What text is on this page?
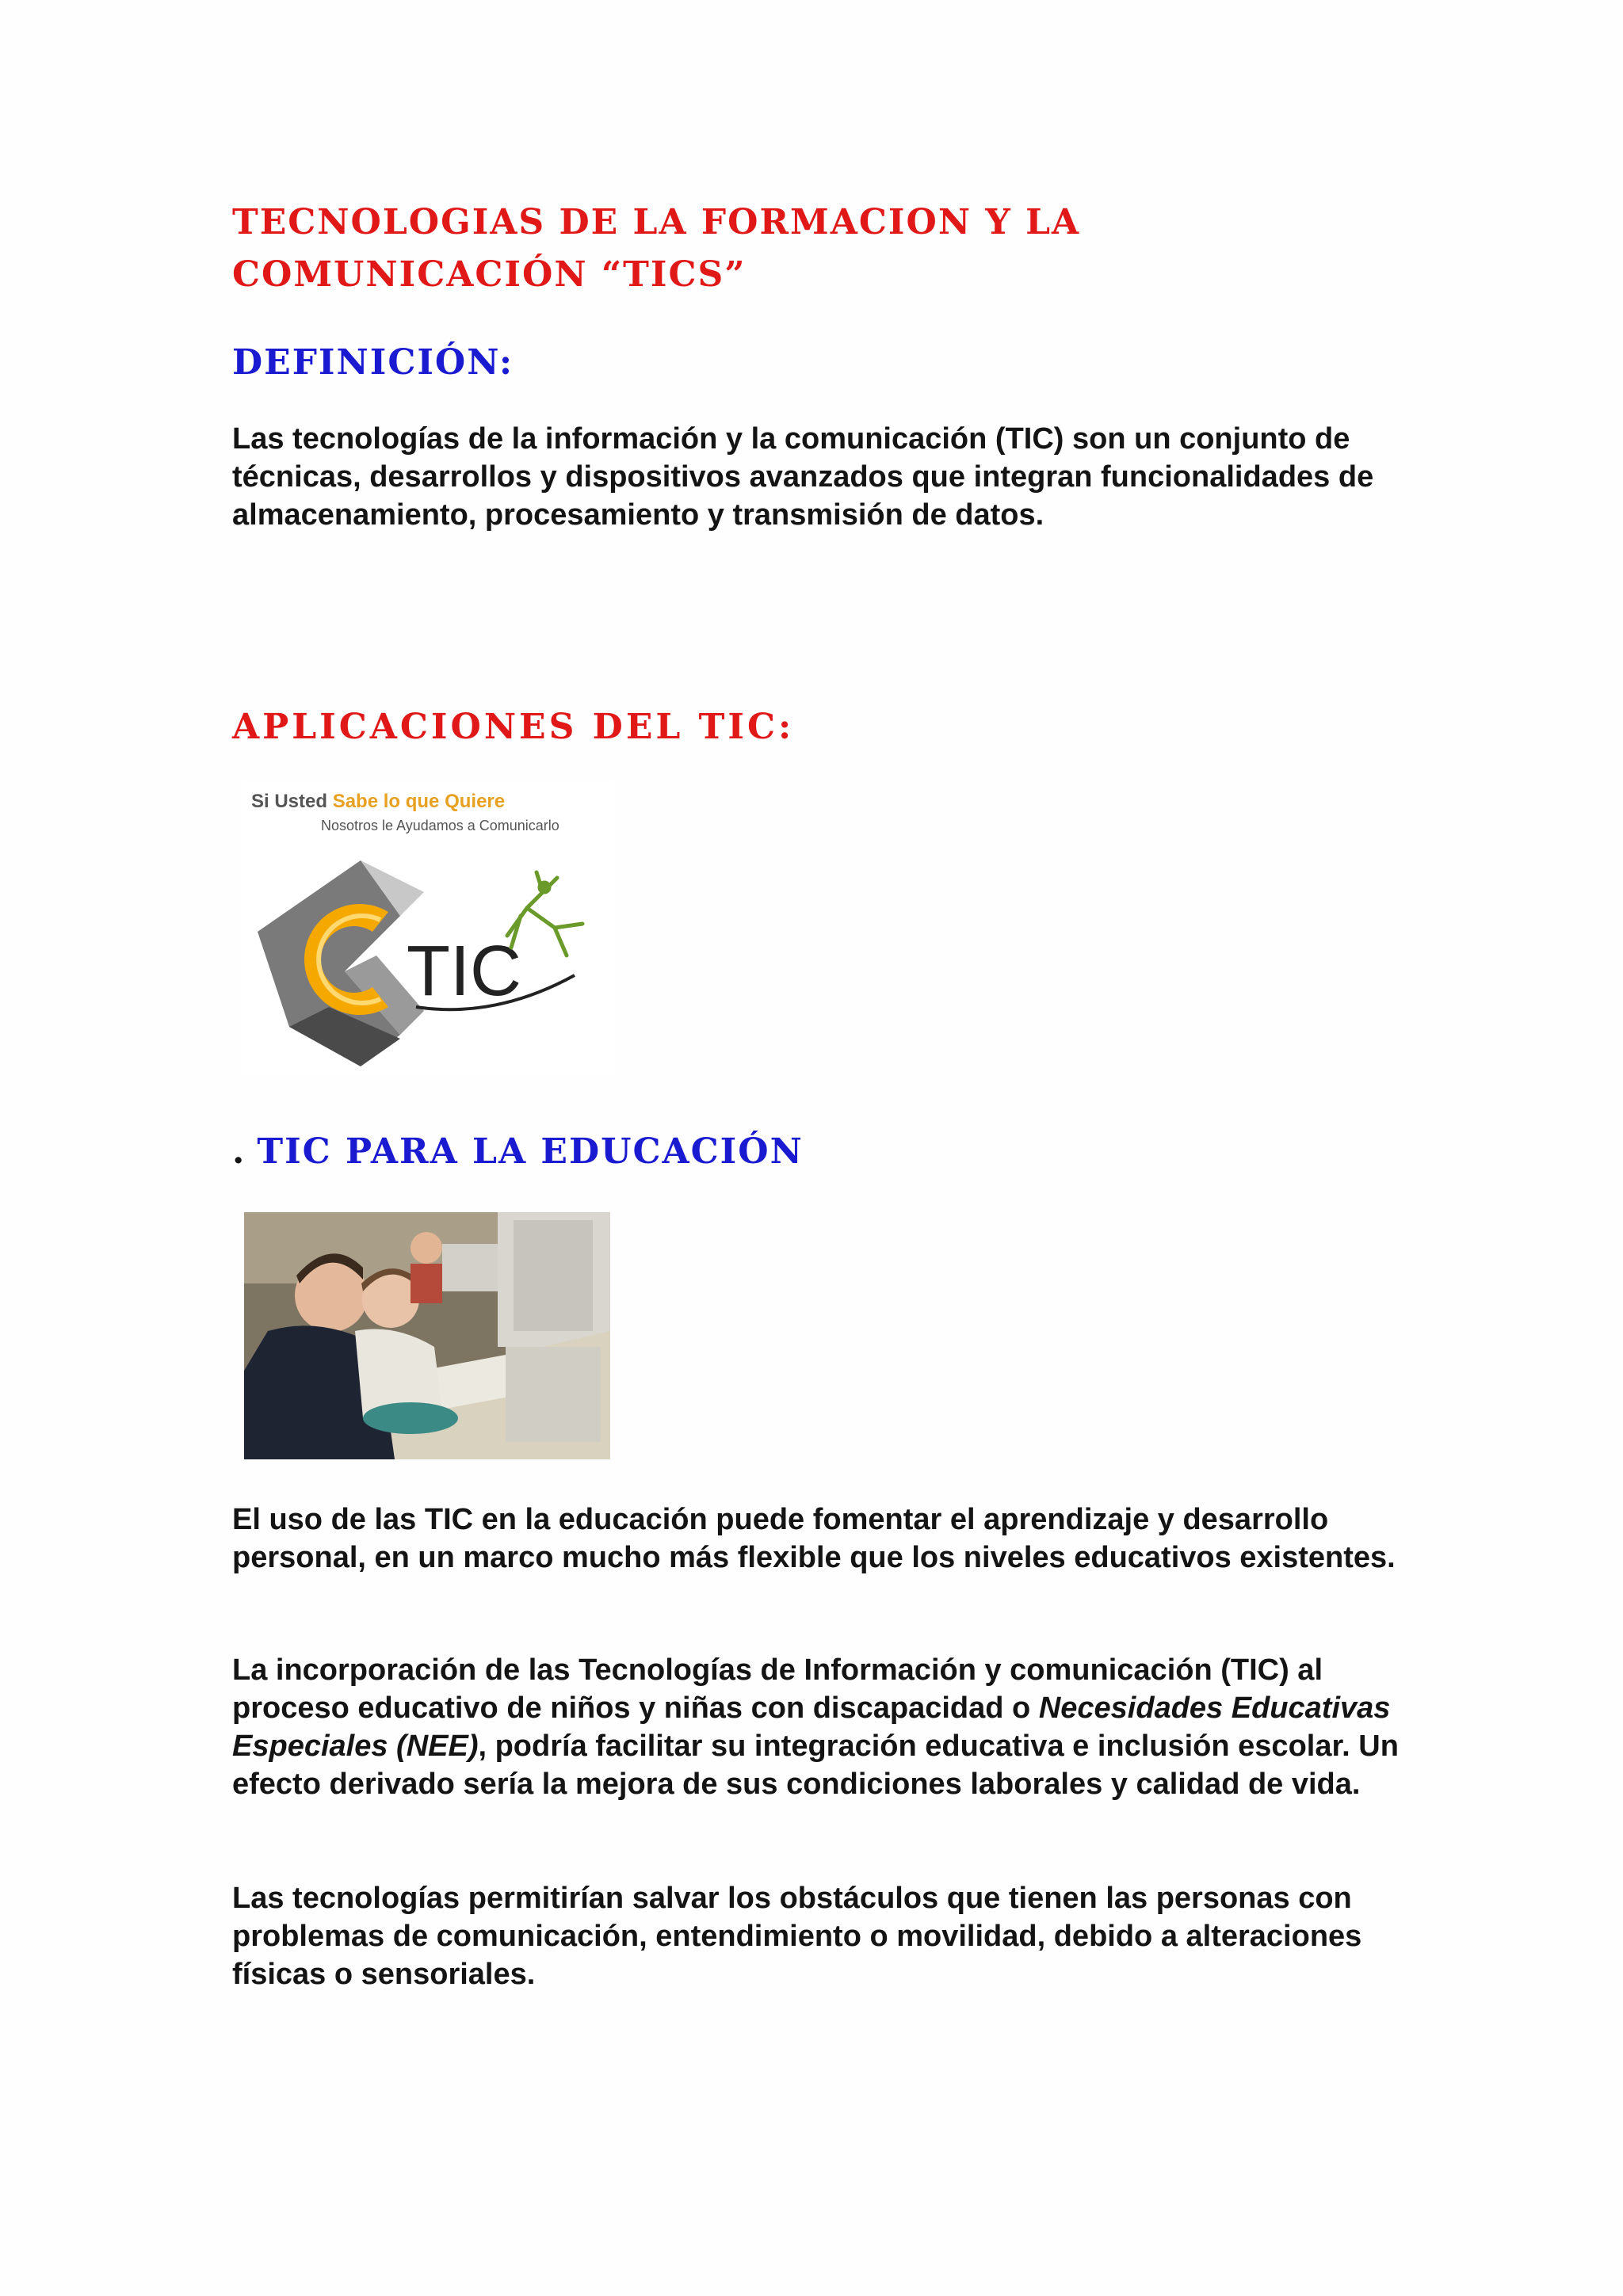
TECNOLOGIAS DE LA FORMACION Y LA COMUNICACIÓN “TICS”
DEFINICIÓN:

Las tecnologías de la información y la comunicación (TIC) son un conjunto de técnicas, desarrollos y dispositivos avanzados que integran funcionalidades de almacenamiento, procesamiento y transmisión de datos.

APLICACIONES DEL TIC:
Si Usted Sabe lo que Quiere
Nosotros le Ayudamos a Comunicarlo
TIC
. TIC PARA LA EDUCACIÓN

El uso de las TIC en la educación puede fomentar el aprendizaje y desarrollo personal, en un marco mucho más flexible que los niveles educativos existentes.

La incorporación de las Tecnologías de Información y comunicación (TIC) al proceso educativo de niños y niñas con discapacidad o Necesidades Educativas Especiales (NEE), podría facilitar su integración educativa e inclusión escolar. Un efecto derivado sería la mejora de sus condiciones laborales y calidad de vida.

Las tecnologías permitirían salvar los obstáculos que tienen las personas con problemas de comunicación, entendimiento o movilidad, debido a alteraciones físicas o sensoriales.
